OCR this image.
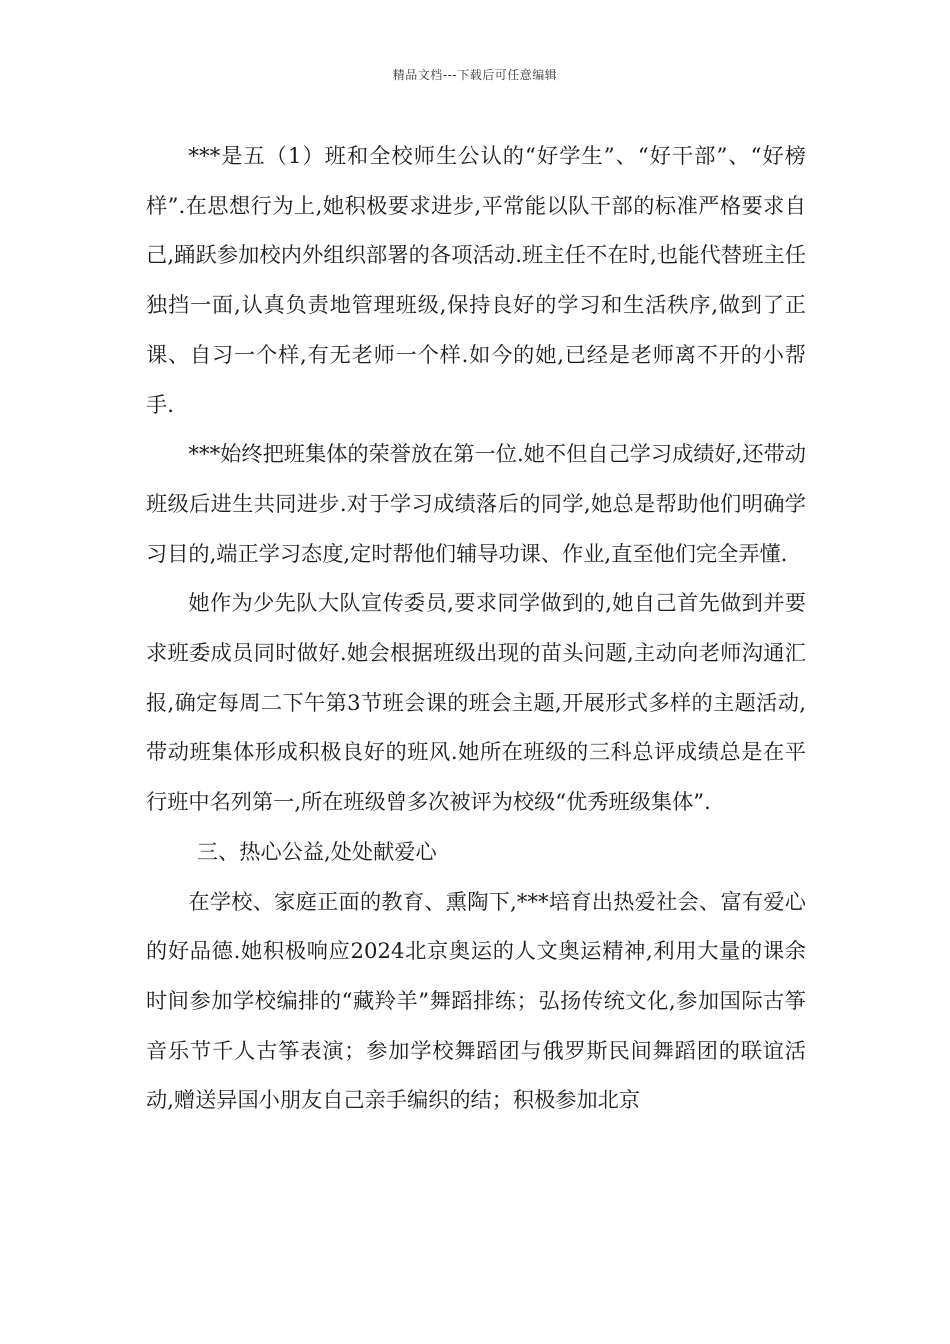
精品文档---下载后可任意编辑

***是五（1）班和全校师生公认的“好学生”、“好干部”、“好榜样”.在思想行为上,她积极要求进步,平常能以队干部的标准严格要求自己,踊跃参加校内外组织部署的各项活动.班主任不在时,也能代替班主任独挡一面,认真负责地管理班级,保持良好的学习和生活秩序,做到了正课、自习一个样,有无老师一个样.如今的她,已经是老师离不开的小帮手.

***始终把班集体的荣誉放在第一位.她不但自己学习成绩好,还带动班级后进生共同进步.对于学习成绩落后的同学,她总是帮助他们明确学习目的,端正学习态度,定时帮他们辅导功课、作业,直至他们完全弄懂.

她作为少先队大队宣传委员,要求同学做到的,她自己首先做到并要求班委成员同时做好.她会根据班级出现的苗头问题,主动向老师沟通汇报,确定每周二下午第3节班会课的班会主题,开展形式多样的主题活动,带动班集体形成积极良好的班风.她所在班级的三科总评成绩总是在平行班中名列第一,所在班级曾多次被评为校级“优秀班级集体”.

三、热心公益,处处献爱心

在学校、家庭正面的教育、熏陶下,***培育出热爱社会、富有爱心的好品德.她积极响应2024北京奥运的人文奥运精神,利用大量的课余时间参加学校编排的“藏羚羊”舞蹈排练；弘扬传统文化,参加国际古筝音乐节千人古筝表演；参加学校舞蹈团与俄罗斯民间舞蹈团的联谊活动,赠送异国小朋友自己亲手编织的结；积极参加北京
